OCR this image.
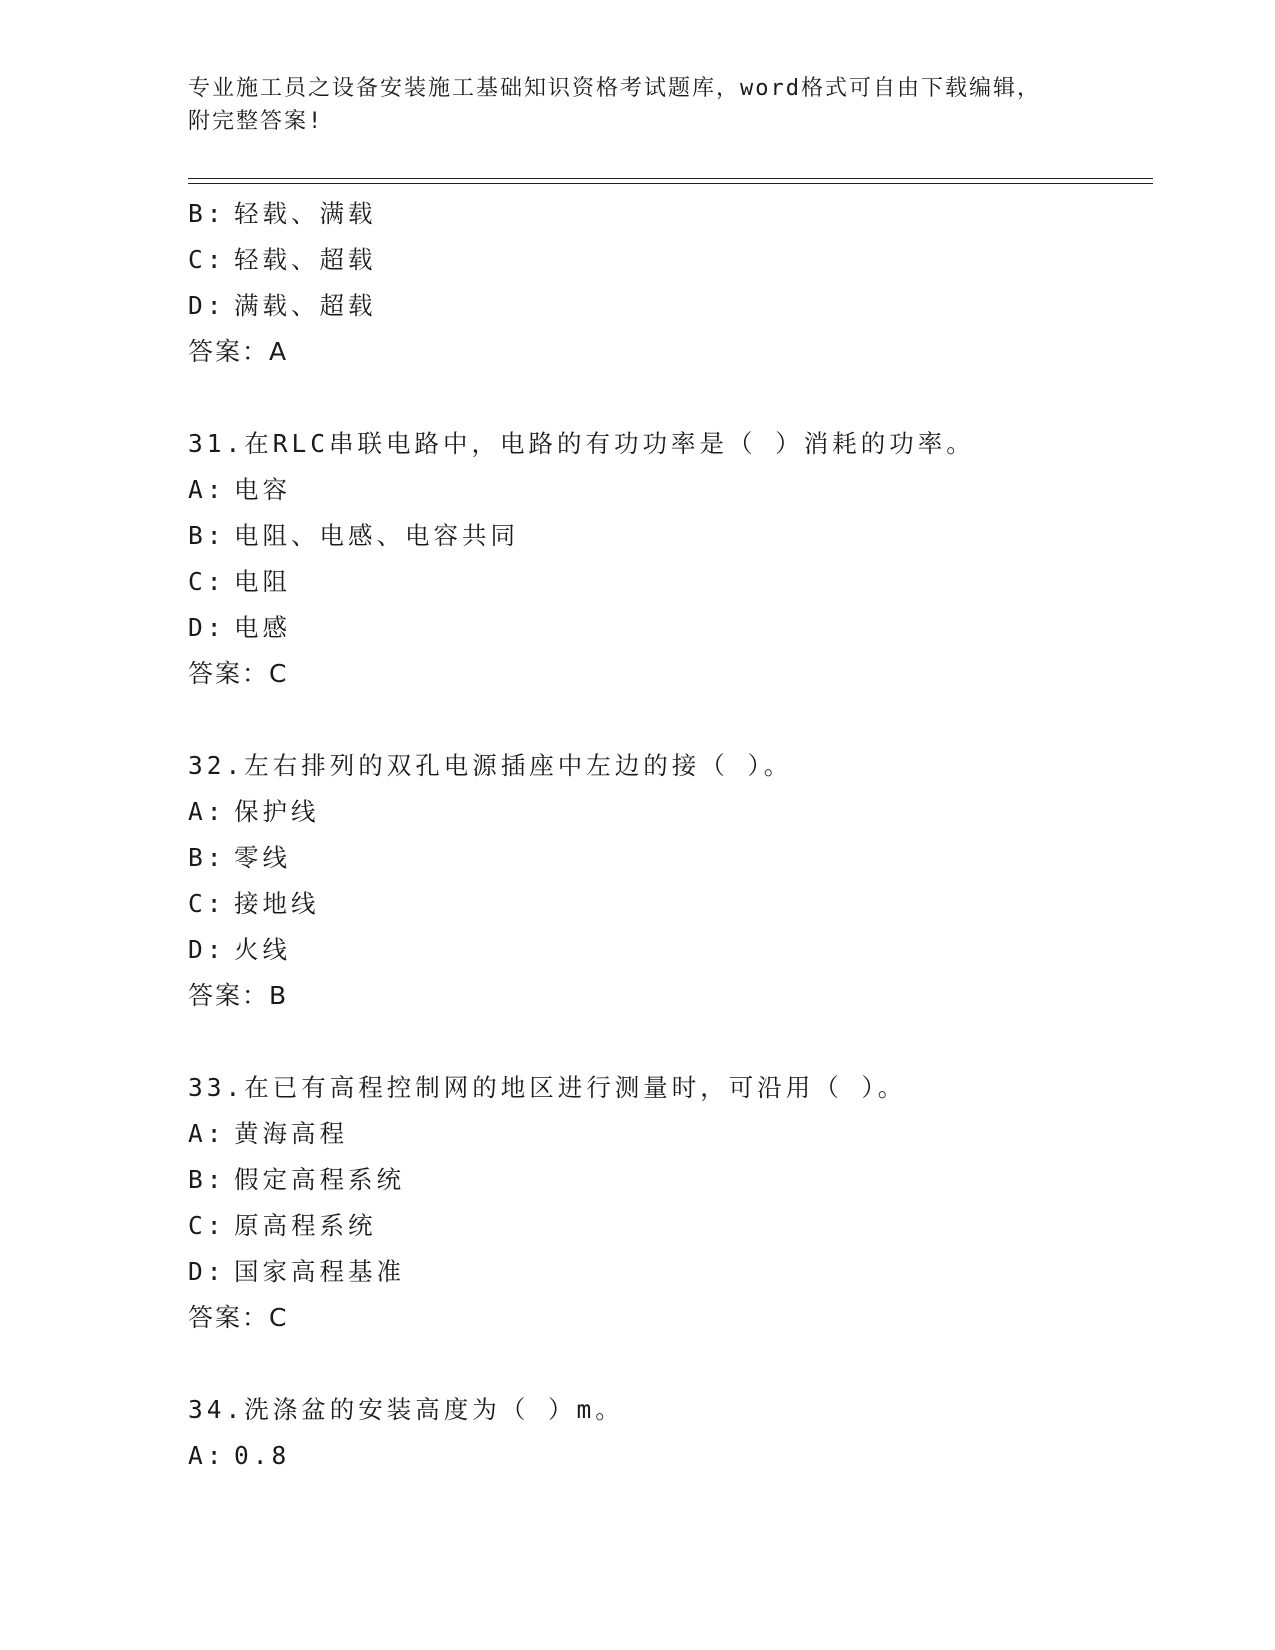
专业施工员之设备安装施工基础知识资格考试题库，word格式可自由下载编辑，
附完整答案!
B: 轻载、满载
C: 轻载、超载
D: 满载、超载
答案：A
31.在RLC串联电路中，电路的有功功率是（ ）消耗的功率。
A: 电容
B: 电阻、电感、电容共同
C: 电阻
D: 电感
答案：C
32.左右排列的双孔电源插座中左边的接（ ）。
A: 保护线
B: 零线
C: 接地线
D: 火线
答案：B
33.在已有高程控制网的地区进行测量时，可沿用（ ）。
A: 黄海高程
B: 假定高程系统
C: 原高程系统
D: 国家高程基准
答案：C
34.洗涤盆的安装高度为（ ）m。
A: 0.8
